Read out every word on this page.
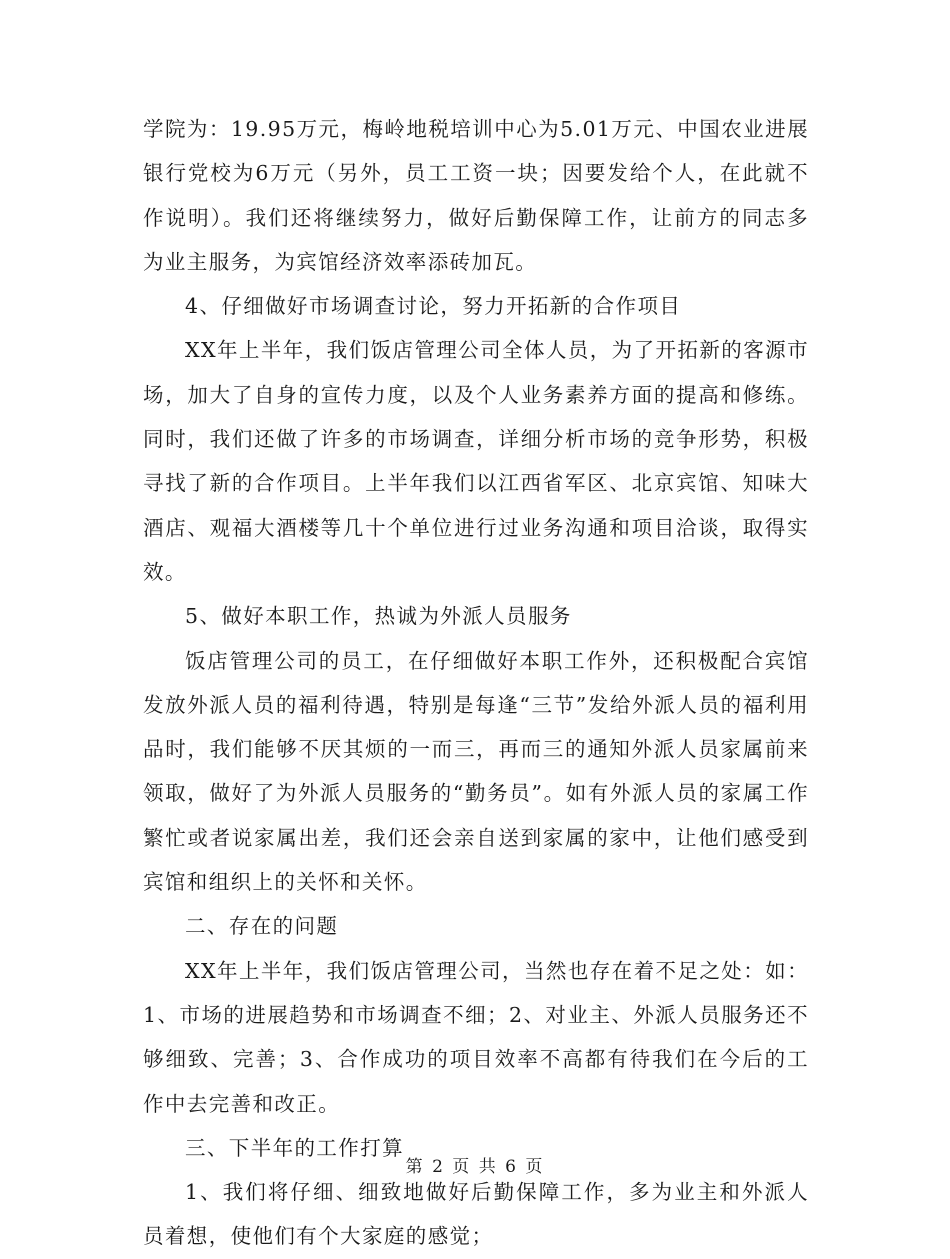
学院为：19.95万元，梅岭地税培训中心为5.01万元、中国农业进展银行党校为6万元（另外，员工工资一块；因要发给个人，在此就不作说明）。我们还将继续努力，做好后勤保障工作，让前方的同志多为业主服务，为宾馆经济效率添砖加瓦。

4、仔细做好市场调查讨论，努力开拓新的合作项目

XX年上半年，我们饭店管理公司全体人员，为了开拓新的客源市场，加大了自身的宣传力度，以及个人业务素养方面的提高和修练。同时，我们还做了许多的市场调查，详细分析市场的竞争形势，积极寻找了新的合作项目。上半年我们以江西省军区、北京宾馆、知味大酒店、观福大酒楼等几十个单位进行过业务沟通和项目洽谈，取得实效。

5、做好本职工作，热诚为外派人员服务

饭店管理公司的员工，在仔细做好本职工作外，还积极配合宾馆发放外派人员的福利待遇，特别是每逢“三节”发给外派人员的福利用品时，我们能够不厌其烦的一而三，再而三的通知外派人员家属前来领取，做好了为外派人员服务的“勤务员”。如有外派人员的家属工作繁忙或者说家属出差，我们还会亲自送到家属的家中，让他们感受到宾馆和组织上的关怀和关怀。

二、存在的问题

XX年上半年，我们饭店管理公司，当然也存在着不足之处：如：1、市场的进展趋势和市场调查不细；2、对业主、外派人员服务还不够细致、完善；3、合作成功的项目效率不高都有待我们在今后的工作中去完善和改正。

三、下半年的工作打算

1、我们将仔细、细致地做好后勤保障工作，多为业主和外派人员着想，使他们有个大家庭的感觉；

第 2 页 共 6 页
